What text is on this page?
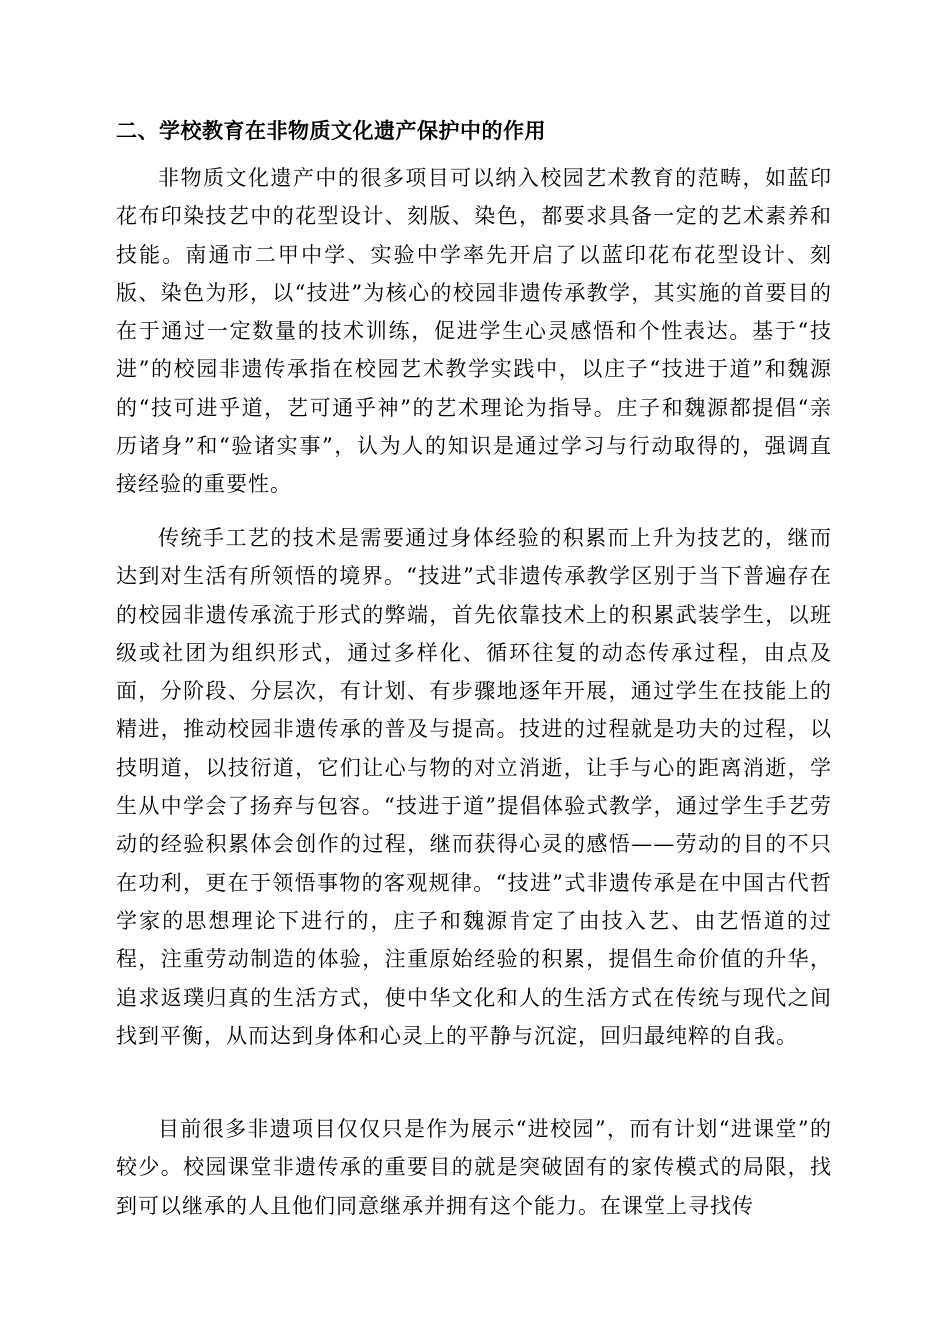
二、学校教育在非物质文化遗产保护中的作用

非物质文化遗产中的很多项目可以纳入校园艺术教育的范畴，如蓝印花布印染技艺中的花型设计、刻版、染色，都要求具备一定的艺术素养和技能。南通市二甲中学、实验中学率先开启了以蓝印花布花型设计、刻版、染色为形，以“技进”为核心的校园非遗传承教学，其实施的首要目的在于通过一定数量的技术训练，促进学生心灵感悟和个性表达。基于“技进”的校园非遗传承指在校园艺术教学实践中，以庄子“技进于道”和魏源的“技可进乎道，艺可通乎神”的艺术理论为指导。庄子和魏源都提倡“亲历诸身”和“验诸实事”，认为人的知识是通过学习与行动取得的，强调直接经验的重要性。

传统手工艺的技术是需要通过身体经验的积累而上升为技艺的，继而达到对生活有所领悟的境界。“技进”式非遗传承教学区别于当下普遍存在的校园非遗传承流于形式的弊端，首先依靠技术上的积累武装学生，以班级或社团为组织形式，通过多样化、循环往复的动态传承过程，由点及面，分阶段、分层次，有计划、有步骤地逐年开展，通过学生在技能上的精进，推动校园非遗传承的普及与提高。技进的过程就是功夫的过程，以技明道，以技衍道，它们让心与物的对立消逝，让手与心的距离消逝，学生从中学会了扬弃与包容。“技进于道”提倡体验式教学，通过学生手艺劳动的经验积累体会创作的过程，继而获得心灵的感悟——劳动的目的不只在功利，更在于领悟事物的客观规律。“技进”式非遗传承是在中国古代哲学家的思想理论下进行的，庄子和魏源肯定了由技入艺、由艺悟道的过程，注重劳动制造的体验，注重原始经验的积累，提倡生命价值的升华，追求返璞归真的生活方式，使中华文化和人的生活方式在传统与现代之间找到平衡，从而达到身体和心灵上的平静与沉淀，回归最纯粹的自我。

目前很多非遗项目仅仅只是作为展示“进校园”，而有计划“进课堂”的较少。校园课堂非遗传承的重要目的就是突破固有的家传模式的局限，找到可以继承的人且他们同意继承并拥有这个能力。在课堂上寻找传
